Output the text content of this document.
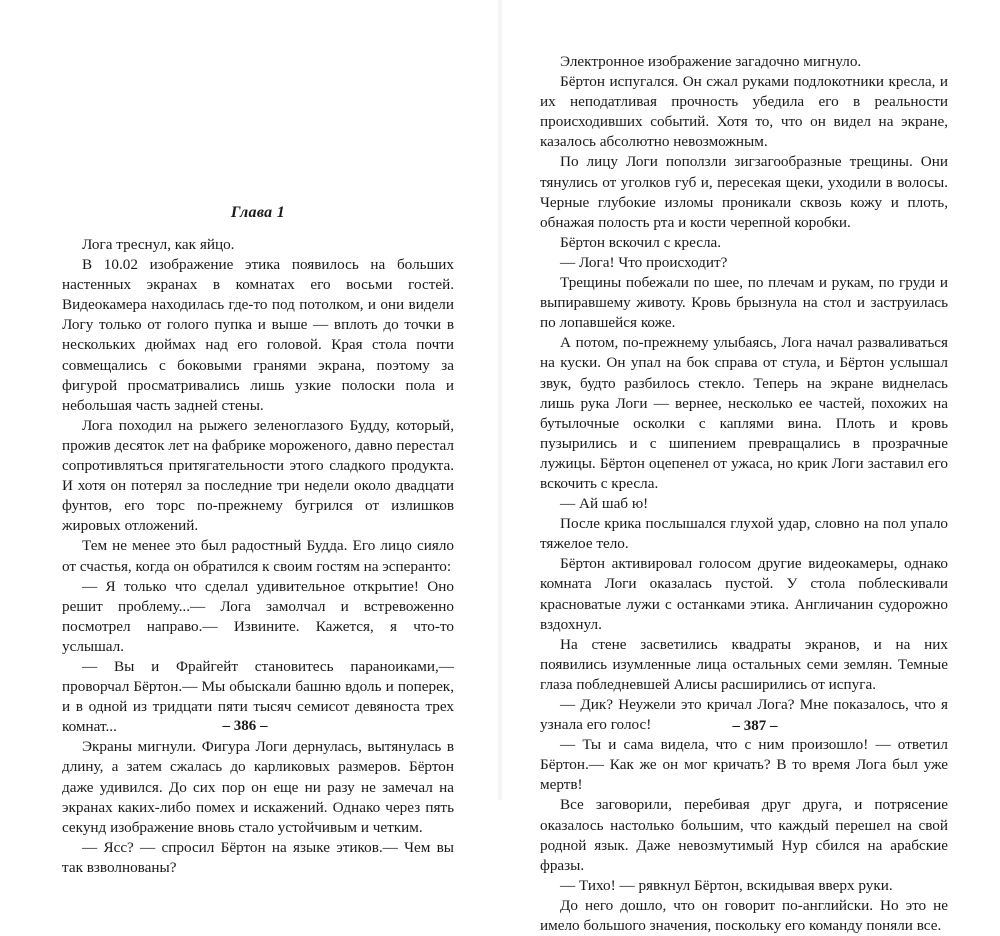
Глава 1

Лога треснул, как яйцо.

В 10.02 изображение этика появилось на больших настенных экранах в комнатах его восьми гостей. Видеокамера находилась где-то под потолком, и они видели Логу только от голого пупка и выше — вплоть до точки в нескольких дюймах над его головой. Края стола почти совмещались с боковыми гранями экрана, поэтому за фигурой просматривались лишь узкие полоски пола и небольшая часть задней стены.

Лога походил на рыжего зеленоглазого Будду, который, прожив десяток лет на фабрике мороженого, давно перестал сопротивляться притягательности этого сладкого продукта. И хотя он потерял за последние три недели около двадцати фунтов, его торс по-прежнему бугрился от излишков жировых отложений.

Тем не менее это был радостный Будда. Его лицо сияло от счастья, когда он обратился к своим гостям на эсперанто:

— Я только что сделал удивительное открытие! Оно решит проблему...— Лога замолчал и встревоженно посмотрел направо.— Извините. Кажется, я что-то услышал.

— Вы и Фрайгейт становитесь параноиками,— проворчал Бёртон.— Мы обыскали башню вдоль и поперек, и в одной из тридцати пяти тысяч семисот девяноста трех комнат...

Экраны мигнули. Фигура Логи дернулась, вытянулась в длину, а затем сжалась до карликовых размеров. Бёртон даже удивился. До сих пор он еще ни разу не замечал на экранах каких-либо помех и искажений. Однако через пять секунд изображение вновь стало устойчивым и четким.

— Ясс? — спросил Бёртон на языке этиков.— Чем вы так взволнованы?

– 386 –

Электронное изображение загадочно мигнуло.

Бёртон испугался. Он сжал руками подлокотники кресла, и их неподатливая прочность убедила его в реальности происходивших событий. Хотя то, что он видел на экране, казалось абсолютно невозможным.

По лицу Логи поползли зигзагообразные трещины. Они тянулись от уголков губ и, пересекая щеки, уходили в волосы. Черные глубокие изломы проникали сквозь кожу и плоть, обнажая полость рта и кости черепной коробки.

Бёртон вскочил с кресла.

— Лога! Что происходит?

Трещины побежали по шее, по плечам и рукам, по груди и выпиравшему животу. Кровь брызнула на стол и заструилась по лопавшейся коже.

А потом, по-прежнему улыбаясь, Лога начал разваливаться на куски. Он упал на бок справа от стула, и Бёртон услышал звук, будто разбилось стекло. Теперь на экране виднелась лишь рука Логи — вернее, несколько ее частей, похожих на бутылочные осколки с каплями вина. Плоть и кровь пузырились и с шипением превращались в прозрачные лужицы. Бёртон оцепенел от ужаса, но крик Логи заставил его вскочить с кресла.

— Ай шаб ю!

После крика послышался глухой удар, словно на пол упало тяжелое тело.

Бёртон активировал голосом другие видеокамеры, однако комната Логи оказалась пустой. У стола поблескивали красноватые лужи с останками этика. Англичанин судорожно вздохнул.

На стене засветились квадраты экранов, и на них появились изумленные лица остальных семи землян. Темные глаза побледневшей Алисы расширились от испуга.

— Дик? Неужели это кричал Лога? Мне показалось, что я узнала его голос!

— Ты и сама видела, что с ним произошло! — ответил Бёртон.— Как же он мог кричать? В то время Лога был уже мертв!

Все заговорили, перебивая друг друга, и потрясение оказалось настолько большим, что каждый перешел на свой родной язык. Даже невозмутимый Нур сбился на арабские фразы.

— Тихо! — рявкнул Бёртон, вскидывая вверх руки.

До него дошло, что он говорит по-английски. Но это не имело большого значения, поскольку его команду поняли все.

– 387 –
